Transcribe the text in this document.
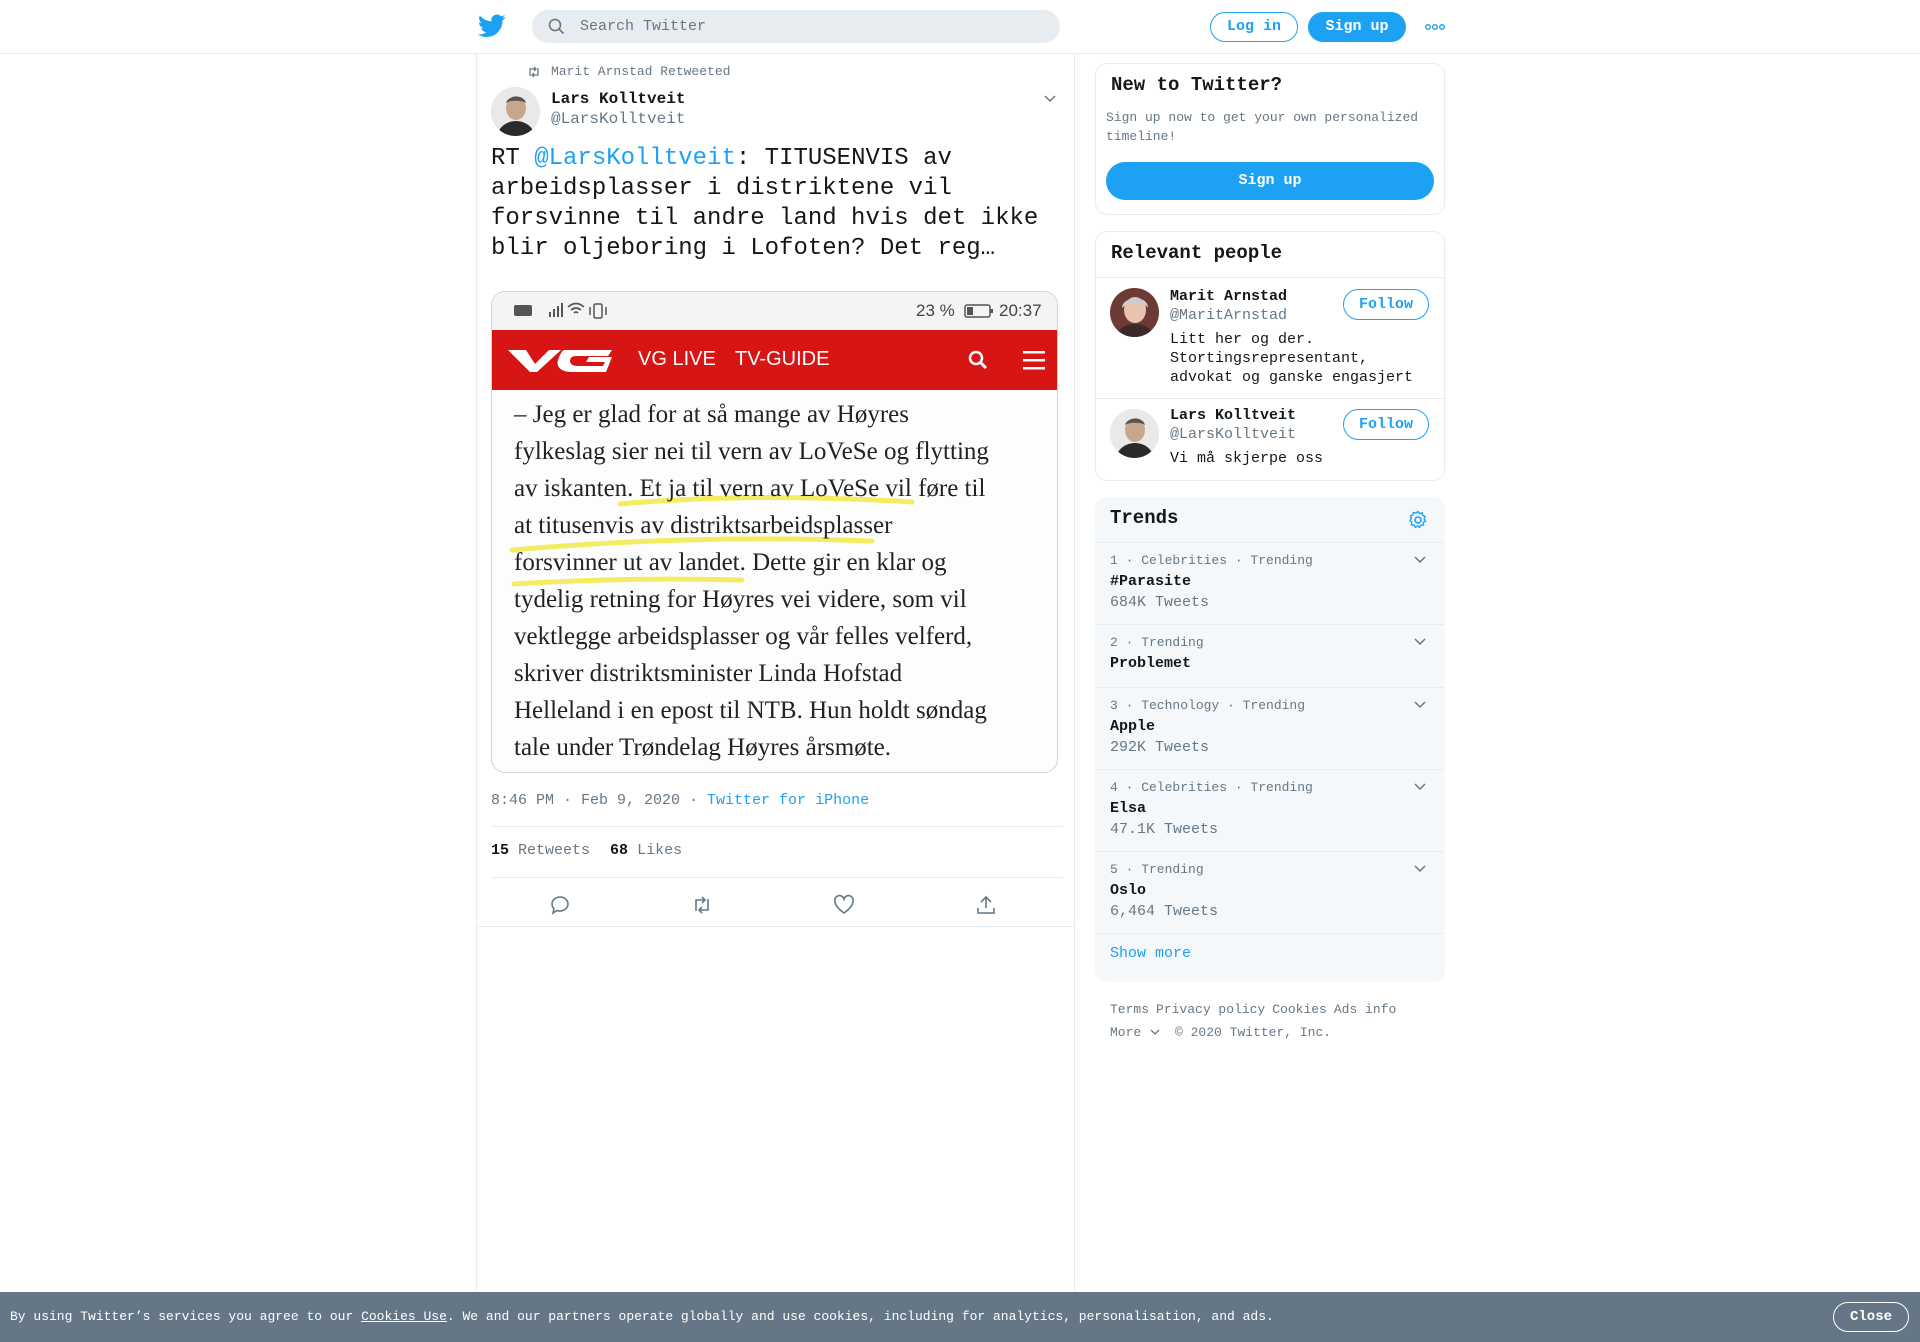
Search Twitter
Log in	Sign up
Marit Arnstad Retweeted
Lars Kolltveit
@LarsKolltveit
RT @LarsKolltveit: TITUSENVIS av arbeidsplasser i distriktene vil forsvinne til andre land hvis det ikke blir oljeboring i Lofoten? Det reg…
23 %	20:37
VG LIVE TV-GUIDE
– Jeg er glad for at så mange av Høyres
fylkeslag sier nei til vern av LoVeSe og flytting
av iskanten. Et ja til vern av LoVeSe vil føre til
at titusenvis av distriktsarbeidsplasser
forsvinner ut av landet. Dette gir en klar og
tydelig retning for Høyres vei videre, som vil
vektlegge arbeidsplasser og vår felles velferd,
skriver distriktsminister Linda Hofstad
Helleland i en epost til NTB. Hun holdt søndag
tale under Trøndelag Høyres årsmøte.
8:46 PM · Feb 9, 2020 · Twitter for iPhone
15 Retweets 68 Likes
New to Twitter?

Sign up now to get your own personalized timeline!

Sign up
Relevant people
Marit Arnstad
@MaritArnstad
Litt her og der. Stortingsrepresentant, advokat og ganske engasjert
Follow
Lars Kolltveit
@LarsKolltveit
Vi må skjerpe oss
Follow
Trends
1 · Celebrities · Trending
#Parasite
684K Tweets
2 · Trending
Problemet
3 · Technology · Trending
Apple
292K Tweets
4 · Celebrities · Trending
Elsa
47.1K Tweets
5 · Trending
Oslo
6,464 Tweets
Show more
Terms Privacy policy Cookies Ads info
More	© 2020 Twitter, Inc.
By using Twitter’s services you agree to our Cookies Use. We and our partners operate globally and use cookies, including for analytics, personalisation, and ads.	Close
